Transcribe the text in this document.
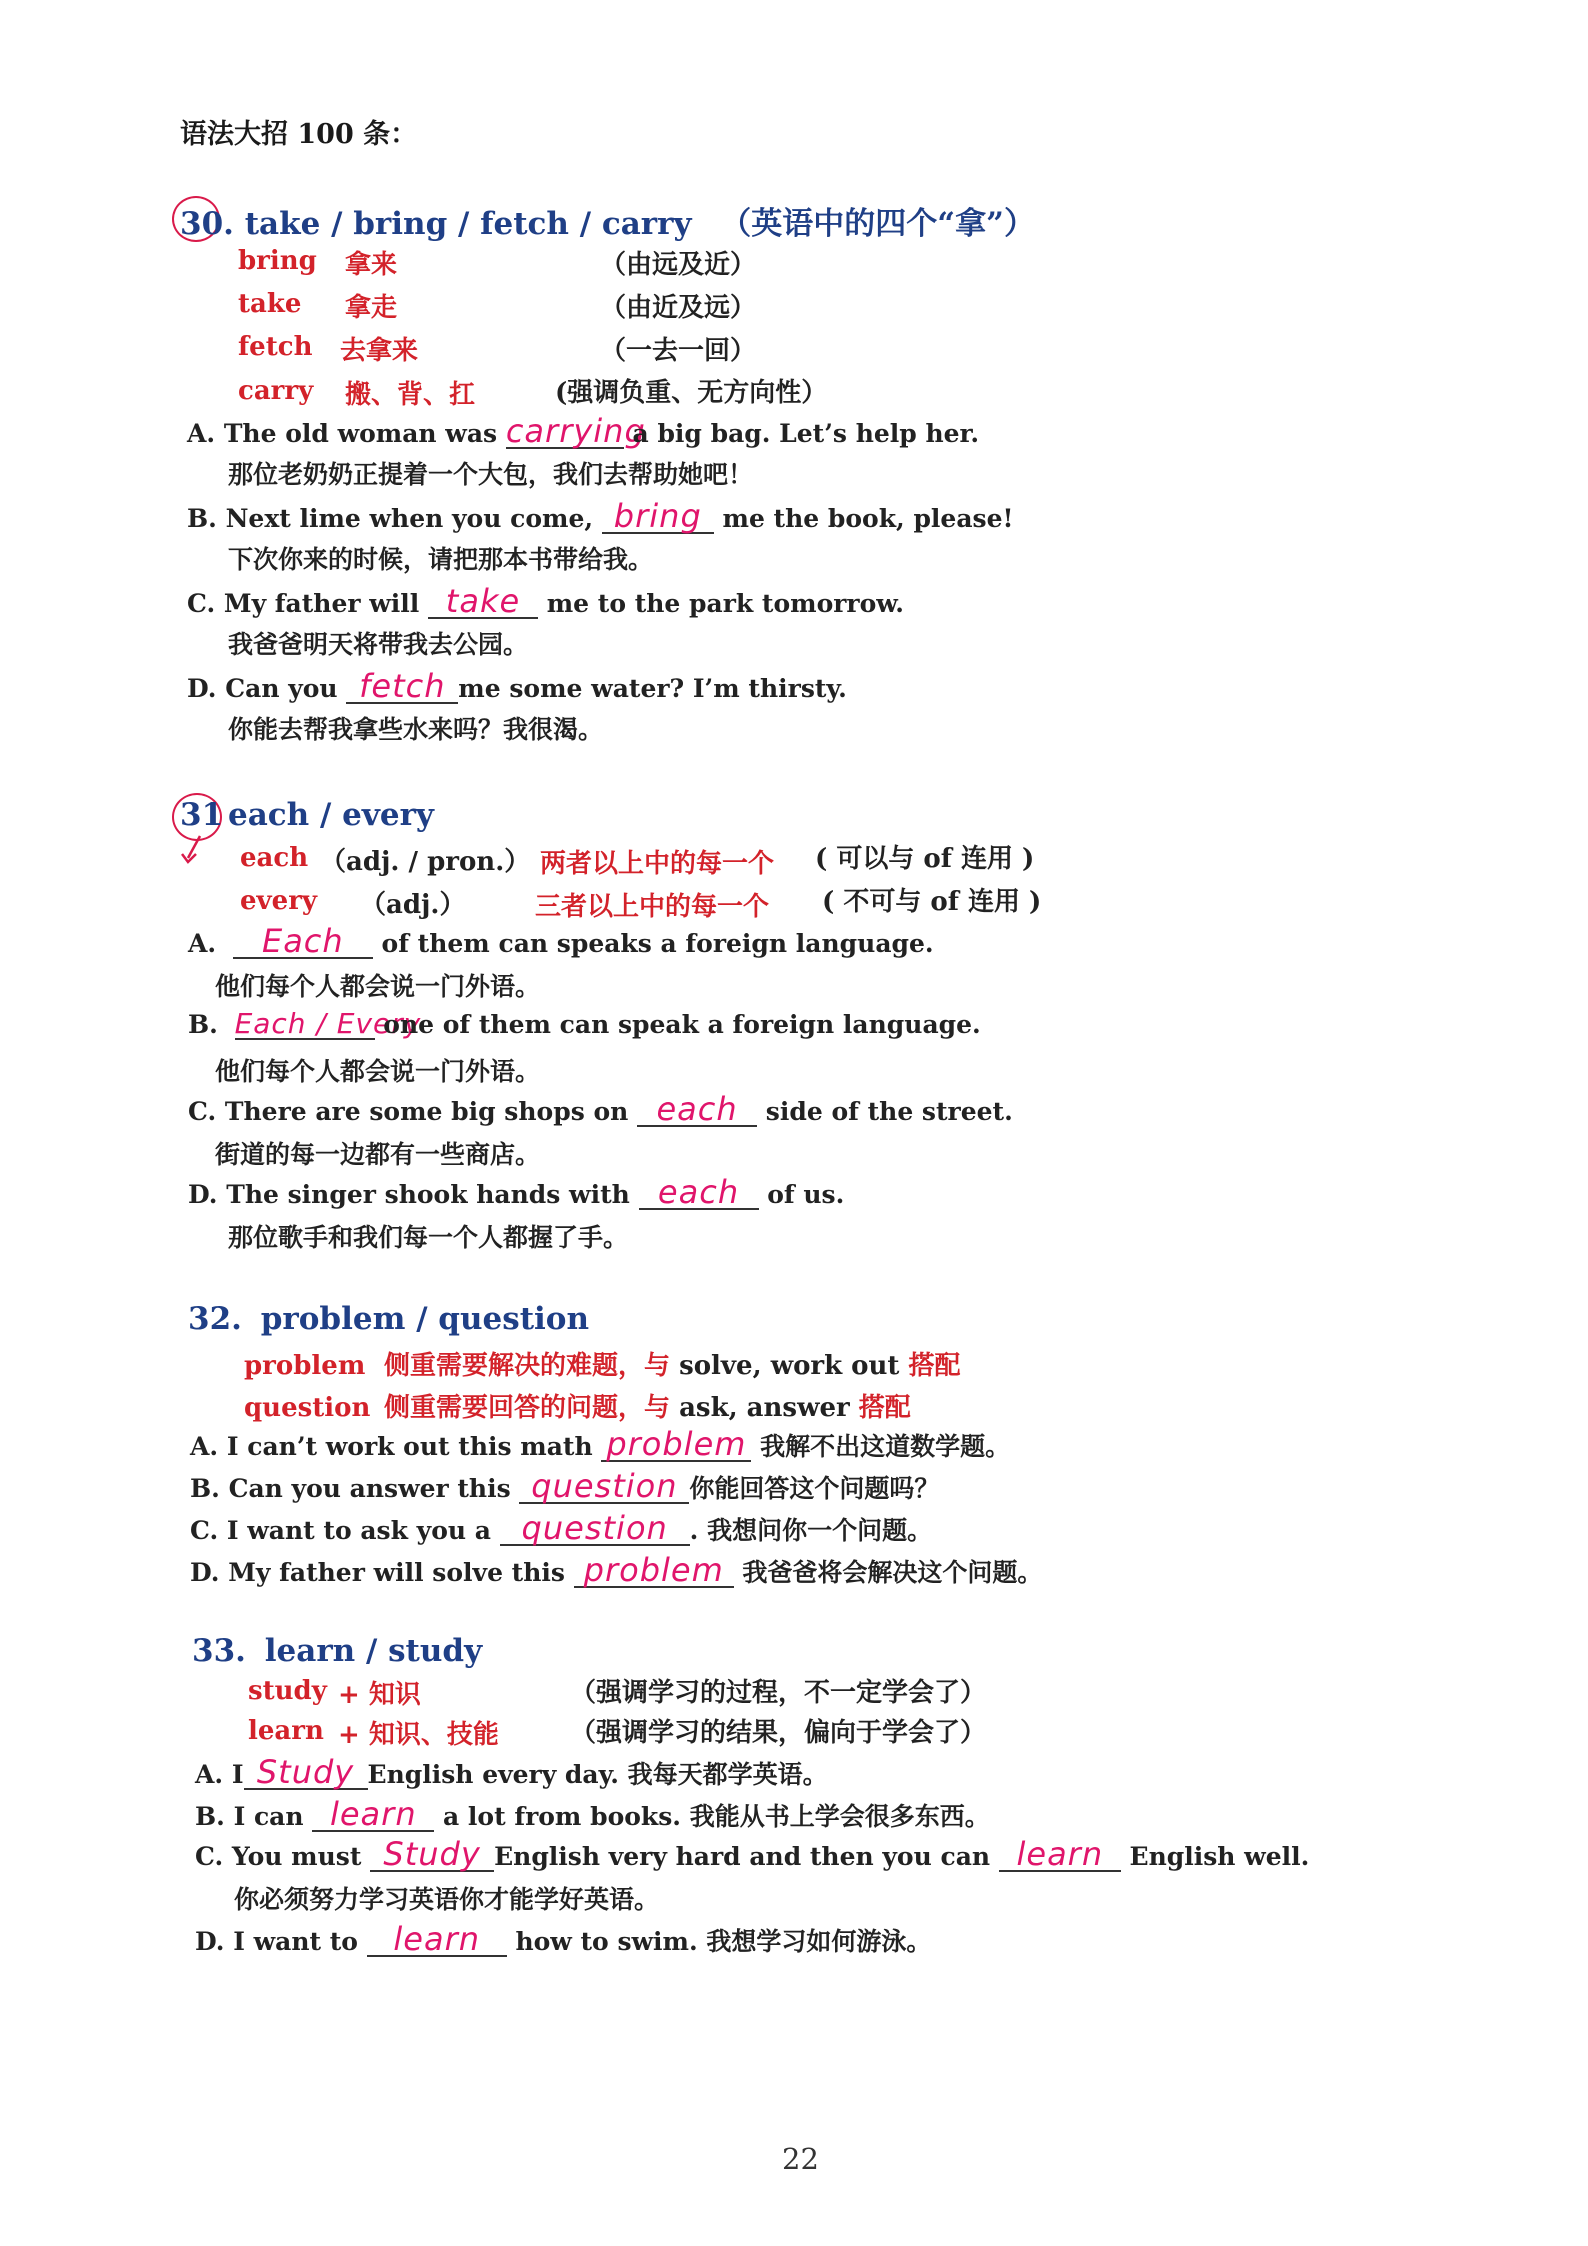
语法大招 100 条：
30. take / bring / fetch / carry （英语中的四个“拿”）
bring 拿来	（由远及近）
take 拿走	（由近及远）
fetch 去拿来	（一去一回）
carry 搬、背、扛	(强调负重、无方向性）
A. The old woman was carrying a big bag. Let’s help her.
那位老奶奶正提着一个大包，我们去帮助她吧！
B. Next lime when you come, bring me the book, please!
下次你来的时候，请把那本书带给我。
C. My father will take me to the park tomorrow.
我爸爸明天将带我去公园。
D. Can you fetch me some water? I’m thirsty.
你能去帮我拿些水来吗？我很渴。
31 each / every
each （adj. / pron.） 两者以上中的每一个 ( 可以与 of 连用 )
every （adj.）	三者以上中的每一个 ( 不可与 of 连用 )
A. Each of them can speaks a foreign language.
他们每个人都会说一门外语。
B. Each / Every one of them can speak a foreign language.
他们每个人都会说一门外语。
C. There are some big shops on each side of the street.
街道的每一边都有一些商店。
D. The singer shook hands with each of us.
那位歌手和我们每一个人都握了手。
32. problem / question
problem 侧重需要解决的难题，与 solve, work out 搭配
question 侧重需要回答的问题，与 ask, answer 搭配
A. I can’t work out this math problem 我解不出这道数学题。
B. Can you answer this question 你能回答这个问题吗？
C. I want to ask you a question . 我想问你一个问题。
D. My father will solve this problem 我爸爸将会解决这个问题。
33. learn / study
study + 知识	（强调学习的过程，不一定学会了）
learn + 知识、技能	（强调学习的结果，偏向于学会了）
A. I Study English every day. 我每天都学英语。
B. I can learn a lot from books. 我能从书上学会很多东西。
C. You must Study English very hard and then you can learn English well.
你必须努力学习英语你才能学好英语。
D. I want to learn how to swim. 我想学习如何游泳。
22
